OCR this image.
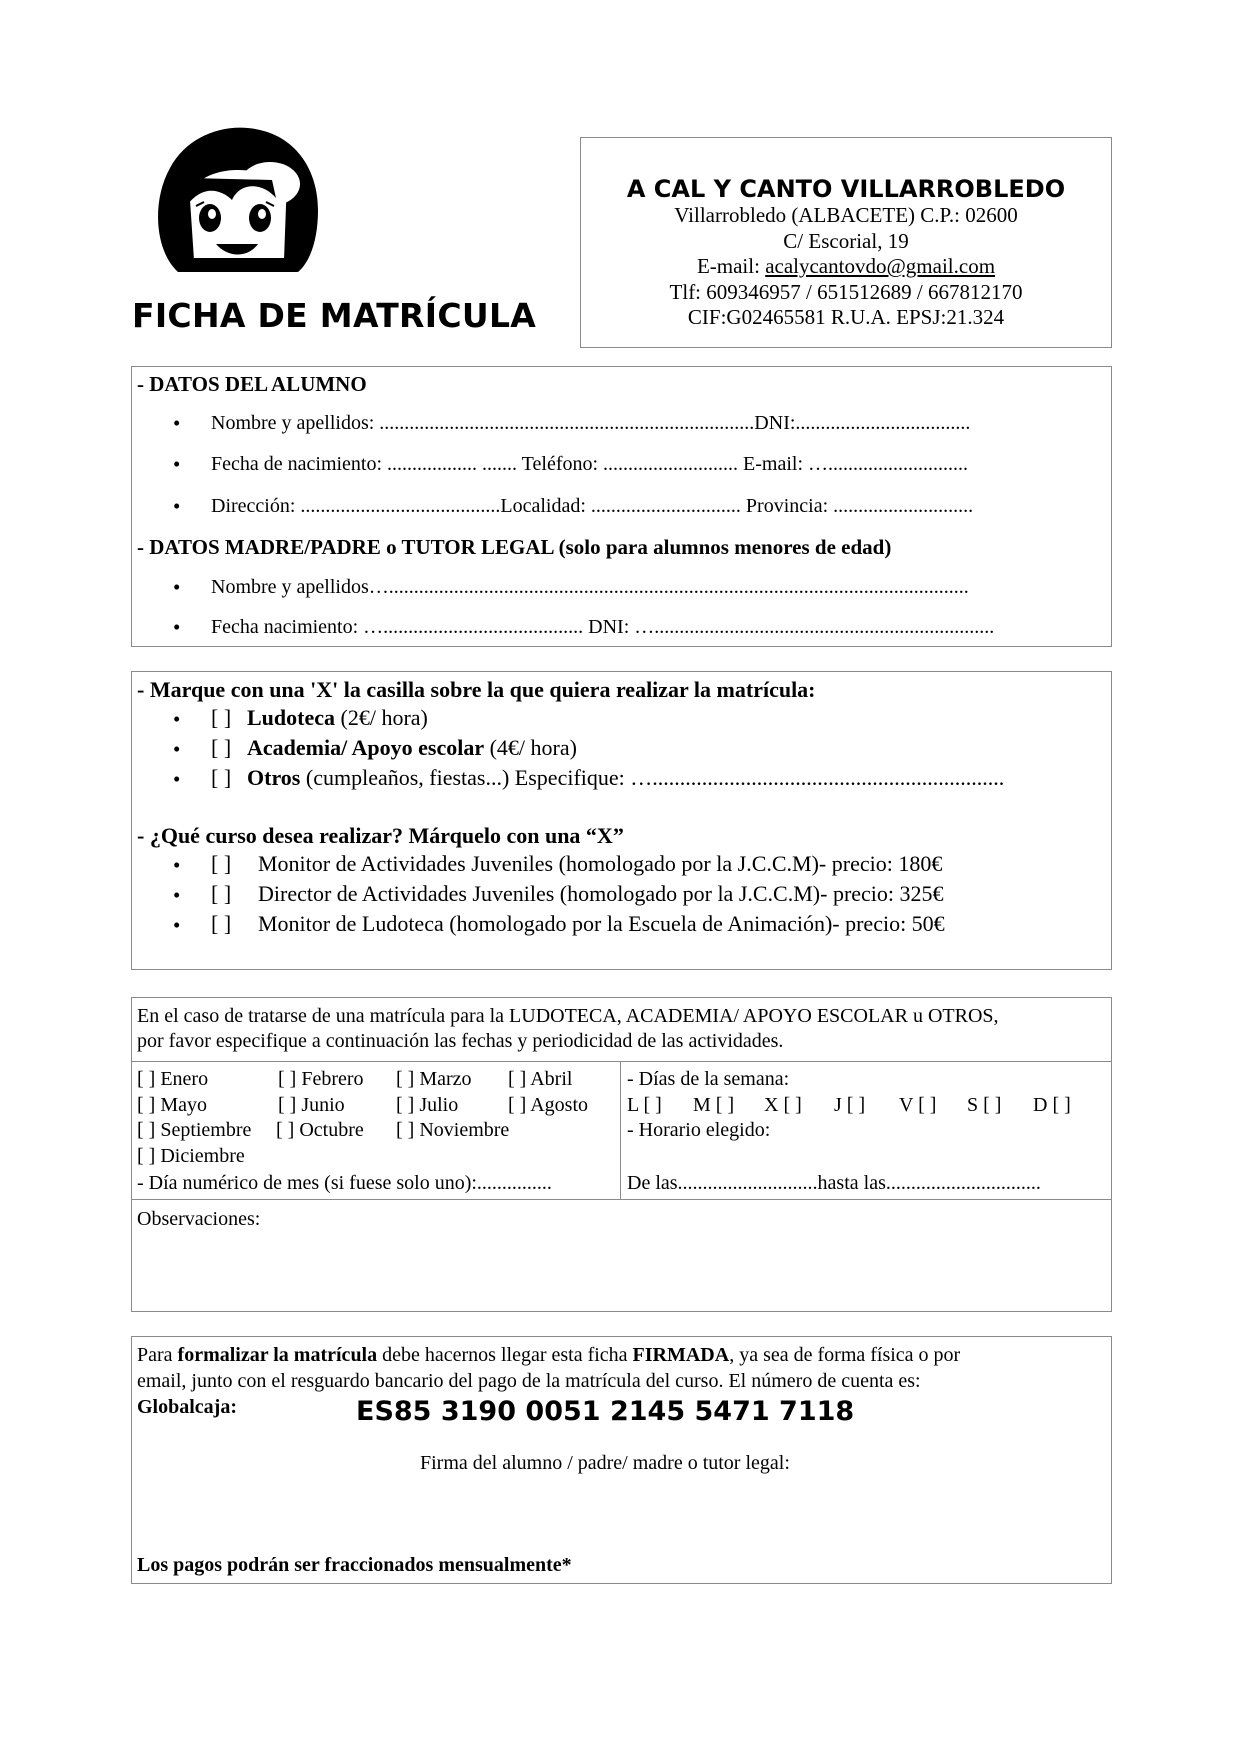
FICHA DE MATRÍCULA
A CAL Y CANTO VILLARROBLEDO
Villarrobledo (ALBACETE) C.P.: 02600
C/ Escorial, 19
E-mail: acalycantovdo@gmail.com
Tlf: 609346957 / 651512689 / 667812170
CIF:G02465581 R.U.A. EPSJ:21.324
- DATOS DEL ALUMNO
• Nombre y apellidos: ...........................................................................DNI:...................................
• Fecha de nacimiento: .................. ....... Teléfono: ........................... E-mail: …............................
• Dirección: ........................................Localidad: .............................. Provincia: ............................
- DATOS MADRE/PADRE o TUTOR LEGAL (solo para alumnos menores de edad)
• Nombre y apellidos…....................................................................................................................
• Fecha nacimiento: …........................................ DNI: …....................................................................
- Marque con una 'X' la casilla sobre la que quiera realizar la matrícula:
• [ ] Ludoteca (2€/ hora)
• [ ] Academia/ Apoyo escolar (4€/ hora)
• [ ] Otros (cumpleaños, fiestas...) Especifique: …................................................................
- ¿Qué curso desea realizar? Márquelo con una “X”
• [ ] Monitor de Actividades Juveniles (homologado por la J.C.C.M)- precio: 180€
• [ ] Director de Actividades Juveniles (homologado por la J.C.C.M)- precio: 325€
• [ ] Monitor de Ludoteca (homologado por la Escuela de Animación)- precio: 50€
En el caso de tratarse de una matrícula para la LUDOTECA, ACADEMIA/ APOYO ESCOLAR u OTROS,
por favor especifique a continuación las fechas y periodicidad de las actividades.
[ ] Enero	[ ] Febrero [ ] Marzo [ ] Abril
[ ] Mayo	[ ] Junio	[ ] Julio [ ] Agosto
[ ] Septiembre [ ] Octubre [ ] Noviembre
[ ] Diciembre
- Día numérico de mes (si fuese solo uno):...............
- Días de la semana:
L [ ] M [ ] X [ ] J [ ] V [ ] S [ ] D [ ]
- Horario elegido:
De las............................hasta las...............................
Observaciones:
Para formalizar la matrícula debe hacernos llegar esta ficha FIRMADA, ya sea de forma física o por
email, junto con el resguardo bancario del pago de la matrícula del curso. El número de cuenta es:
Globalcaja:	ES85 3190 0051 2145 5471 7118
Firma del alumno / padre/ madre o tutor legal:
Los pagos podrán ser fraccionados mensualmente*
